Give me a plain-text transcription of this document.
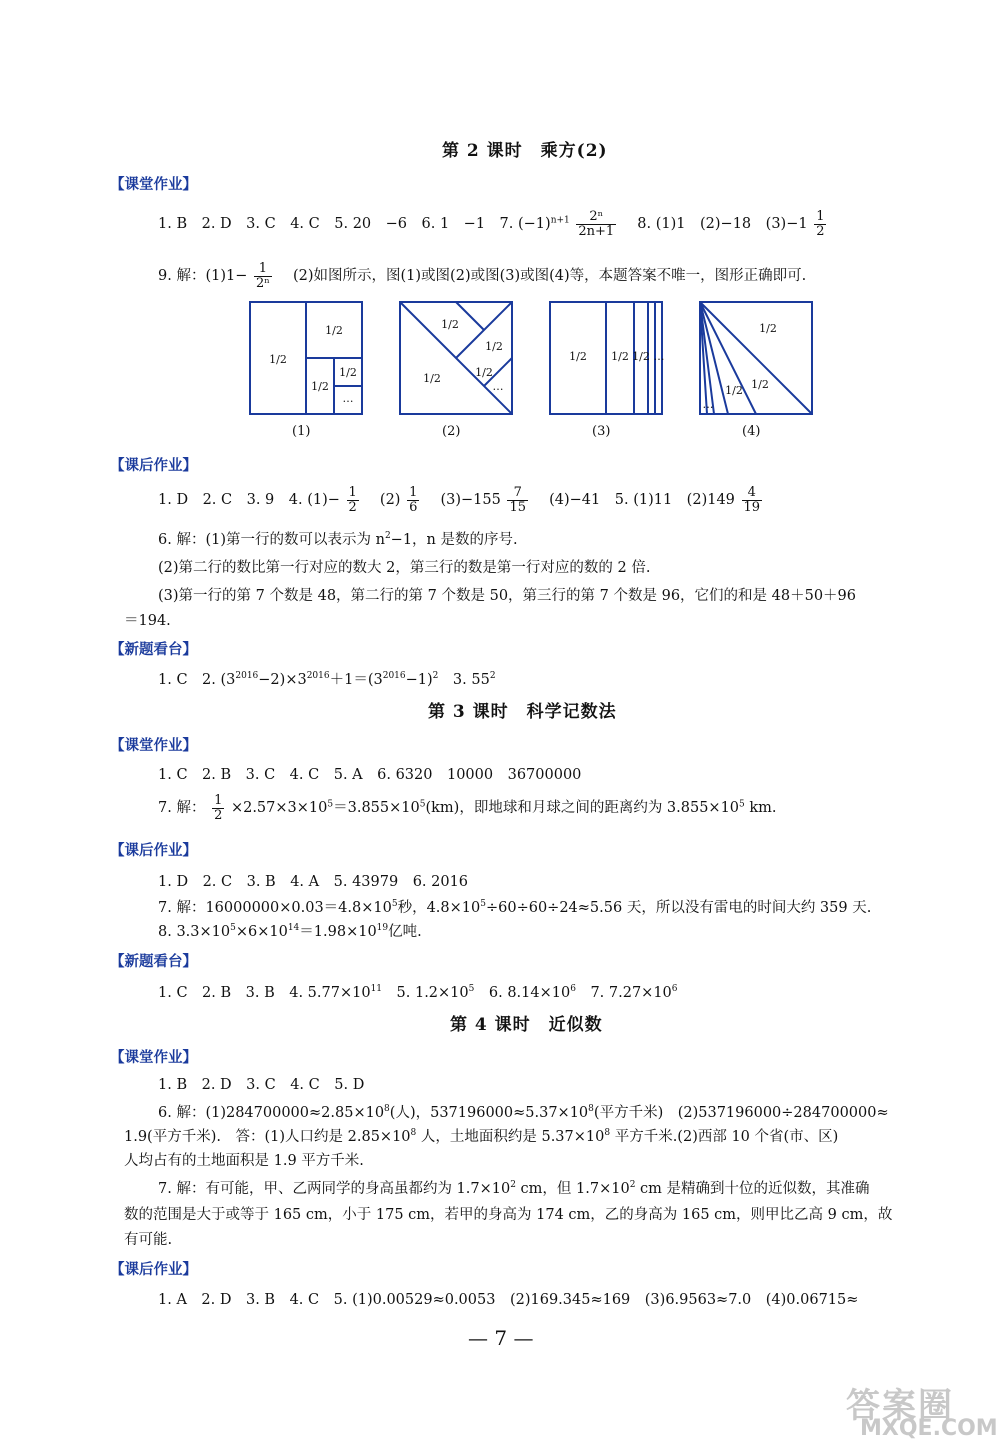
第 2 课时　乘方(2)
【课堂作业】
1. B　2. D　3. C　4. C　5. 20　−6　6. 1　−1　7. $(-1)^{n+1} \frac{\text{2ⁿ}}{2n+1}$ 　8. (1)1　(2)−18　$(3)-1 \frac{1}{2}$
9. 解：$(1)1- \frac{1}{\text{2ⁿ}}$ 　(2)如图所示，图(1)或图(2)或图(3)或图(4)等，本题答案不唯一，图形正确即可.
1/2
1/2
1/2
1/2
…
1/2
1/2
1/2
1/2
…
1/2 1/2 1/2 …
1/2
1/2
1/2
…
(1)	(2)	(3)	(4)
【课后作业】
1. D　2. C　3. 9　4. $(1)- \frac{1}{2}$ 　$(2) \frac{1}{6}$ 　$(3)-155 \frac{7}{15}$ 　(4)−41　5. (1)11　$(2)149 \frac{4}{19}$
6. 解：(1)第一行的数可以表示为 $n^2-1$，n 是数的序号.
(2)第二行的数比第一行对应的数大 2，第三行的数是第一行对应的数的 2 倍.
(3)第一行的第 7 个数是 48，第二行的第 7 个数是 50，第三行的第 7 个数是 96，它们的和是 48＋50＋96
＝194.
【新题看台】
1. C　2. $(3^{2016}-2)\times 3^{2016}+1=(3^{2016}-1)^2$　3. $55^2$
第 3 课时　科学记数法
【课堂作业】
1. C　2. B　3. C　4. C　5. A　6. 6320　10000　36700000
7. 解： $\frac{1}{2} \times 2.57\times 3\times 10^5=3.855\times 10^5(km)$，即地球和月球之间的距离约为 $3.855\times 10^5$ km.
【课后作业】
1. D　2. C　3. B　4. A　5. 43979　6. 2016
7. 解：$16000000\times 0.03=4.8\times 10^5$秒，$4.8\times 10^5\div 60\div 60\div 24\approx 5.56$ 天，所以没有雷电的时间大约 359 天.
8. $3.3\times 10^5\times 6\times 10^{14}=1.98\times 10^{19}$亿吨.
【新题看台】
1. C　2. B　3. B　4. $5.77\times 10^{11}$　5. $1.2\times 10^5$　6. $8.14\times 10^6$　7. $7.27\times 10^6$
第 4 课时　近似数
【课堂作业】
1. B　2. D　3. C　4. C　5. D
6. 解：$(1)284700000\approx 2.85\times 10^8$(人)，$537196000\approx 5.37\times 10^8$(平方千米)　(2)537196000÷284700000≈
1.9(平方千米).　答：(1)人口约是 $2.85\times 10^8$ 人，土地面积约是 $5.37\times 10^8$ 平方千米.(2)西部 10 个省(市、区)
人均占有的土地面积是 1.9 平方千米.
7. 解：有可能，甲、乙两同学的身高虽都约为 $1.7\times 10^2$ cm，但 $1.7\times 10^2$ cm 是精确到十位的近似数，其准确
数的范围是大于或等于 165 cm，小于 175 cm，若甲的身高为 174 cm，乙的身高为 165 cm，则甲比乙高 9 cm，故
有可能.
【课后作业】
1. A　2. D　3. B　4. C　5. (1)0.00529≈0.0053　(2)169.345≈169　(3)6.9563≈7.0　(4)0.06715≈
— 7 —
答案圈
MXQE.COM
